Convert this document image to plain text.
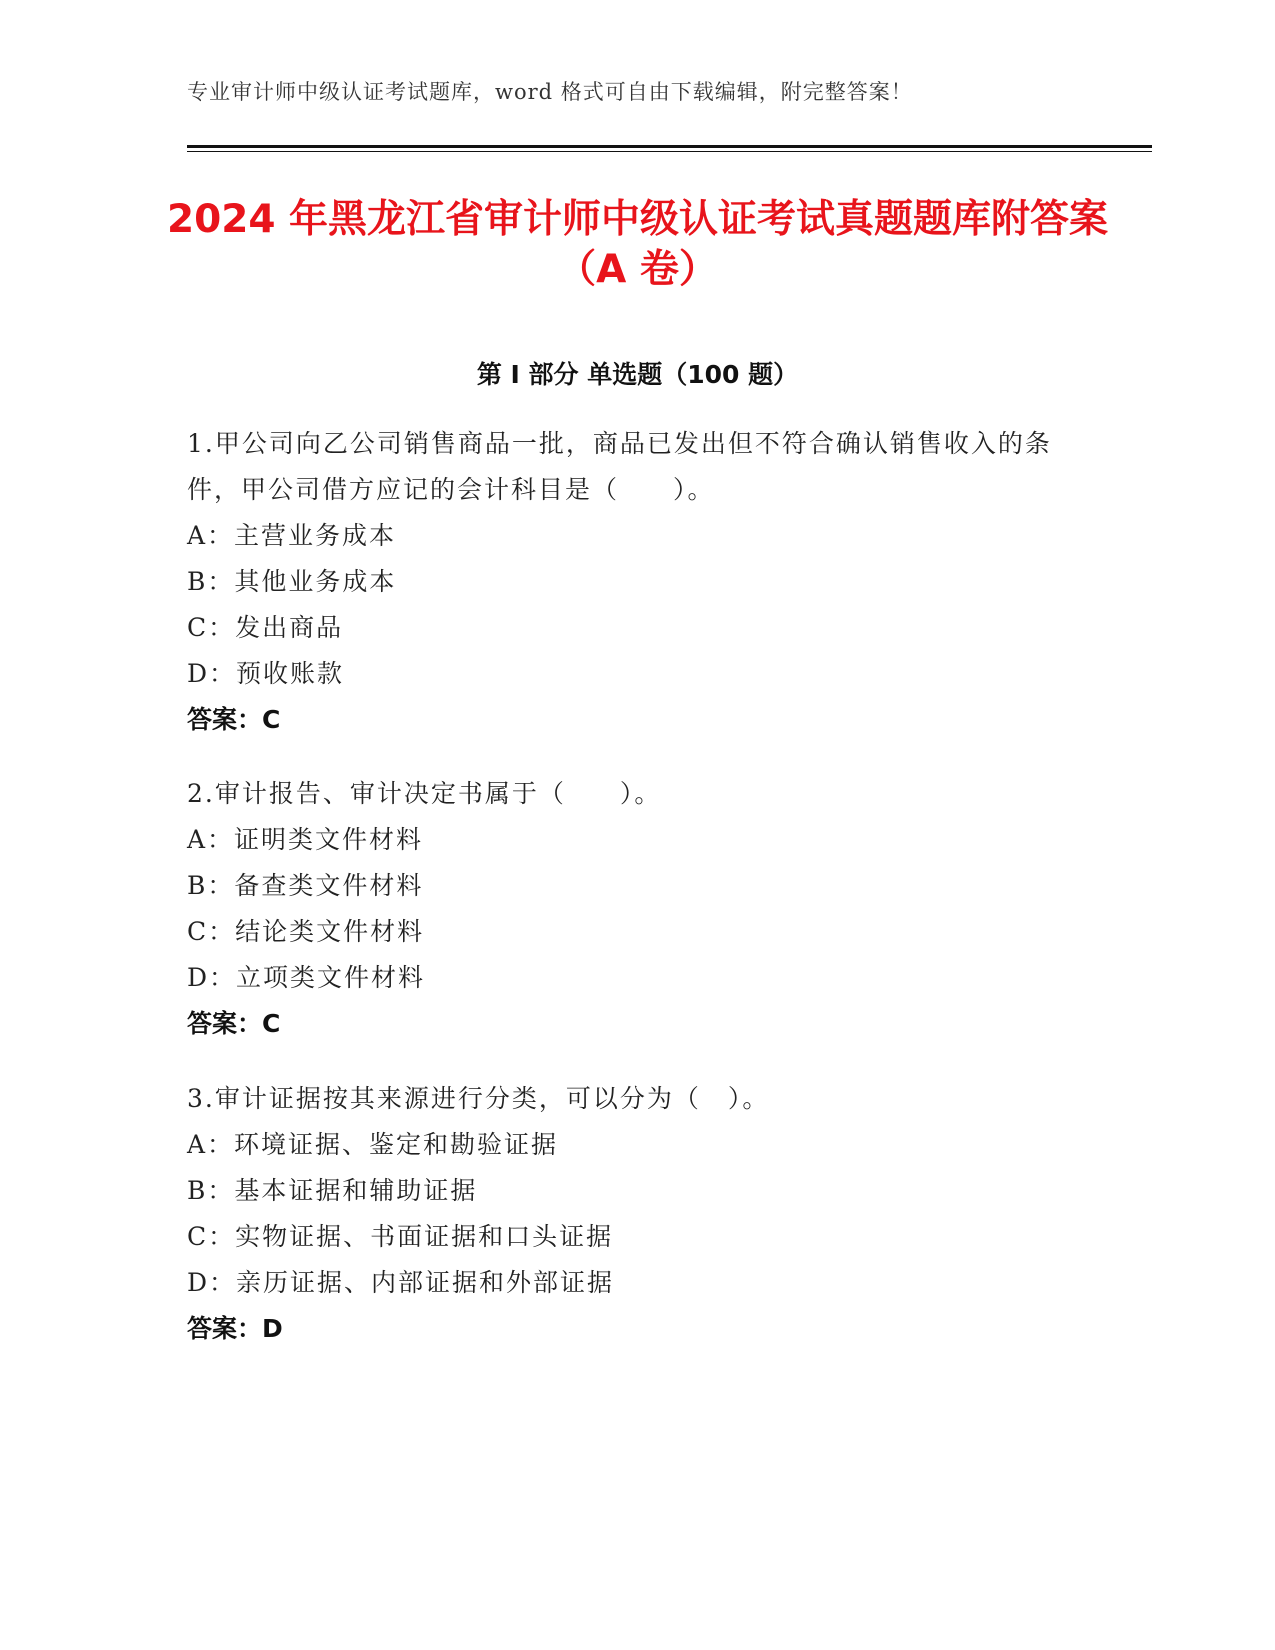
专业审计师中级认证考试题库，word 格式可自由下载编辑，附完整答案！
2024 年黑龙江省审计师中级认证考试真题题库附答案（A 卷）
第 I 部分 单选题（100 题）
1.甲公司向乙公司销售商品一批，商品已发出但不符合确认销售收入的条件，甲公司借方应记的会计科目是（　　）。
A：主营业务成本
B：其他业务成本
C：发出商品
D：预收账款
答案：C
2.审计报告、审计决定书属于（　　）。
A：证明类文件材料
B：备查类文件材料
C：结论类文件材料
D：立项类文件材料
答案：C
3.审计证据按其来源进行分类，可以分为（　）。
A：环境证据、鉴定和勘验证据
B：基本证据和辅助证据
C：实物证据、书面证据和口头证据
D：亲历证据、内部证据和外部证据
答案：D
